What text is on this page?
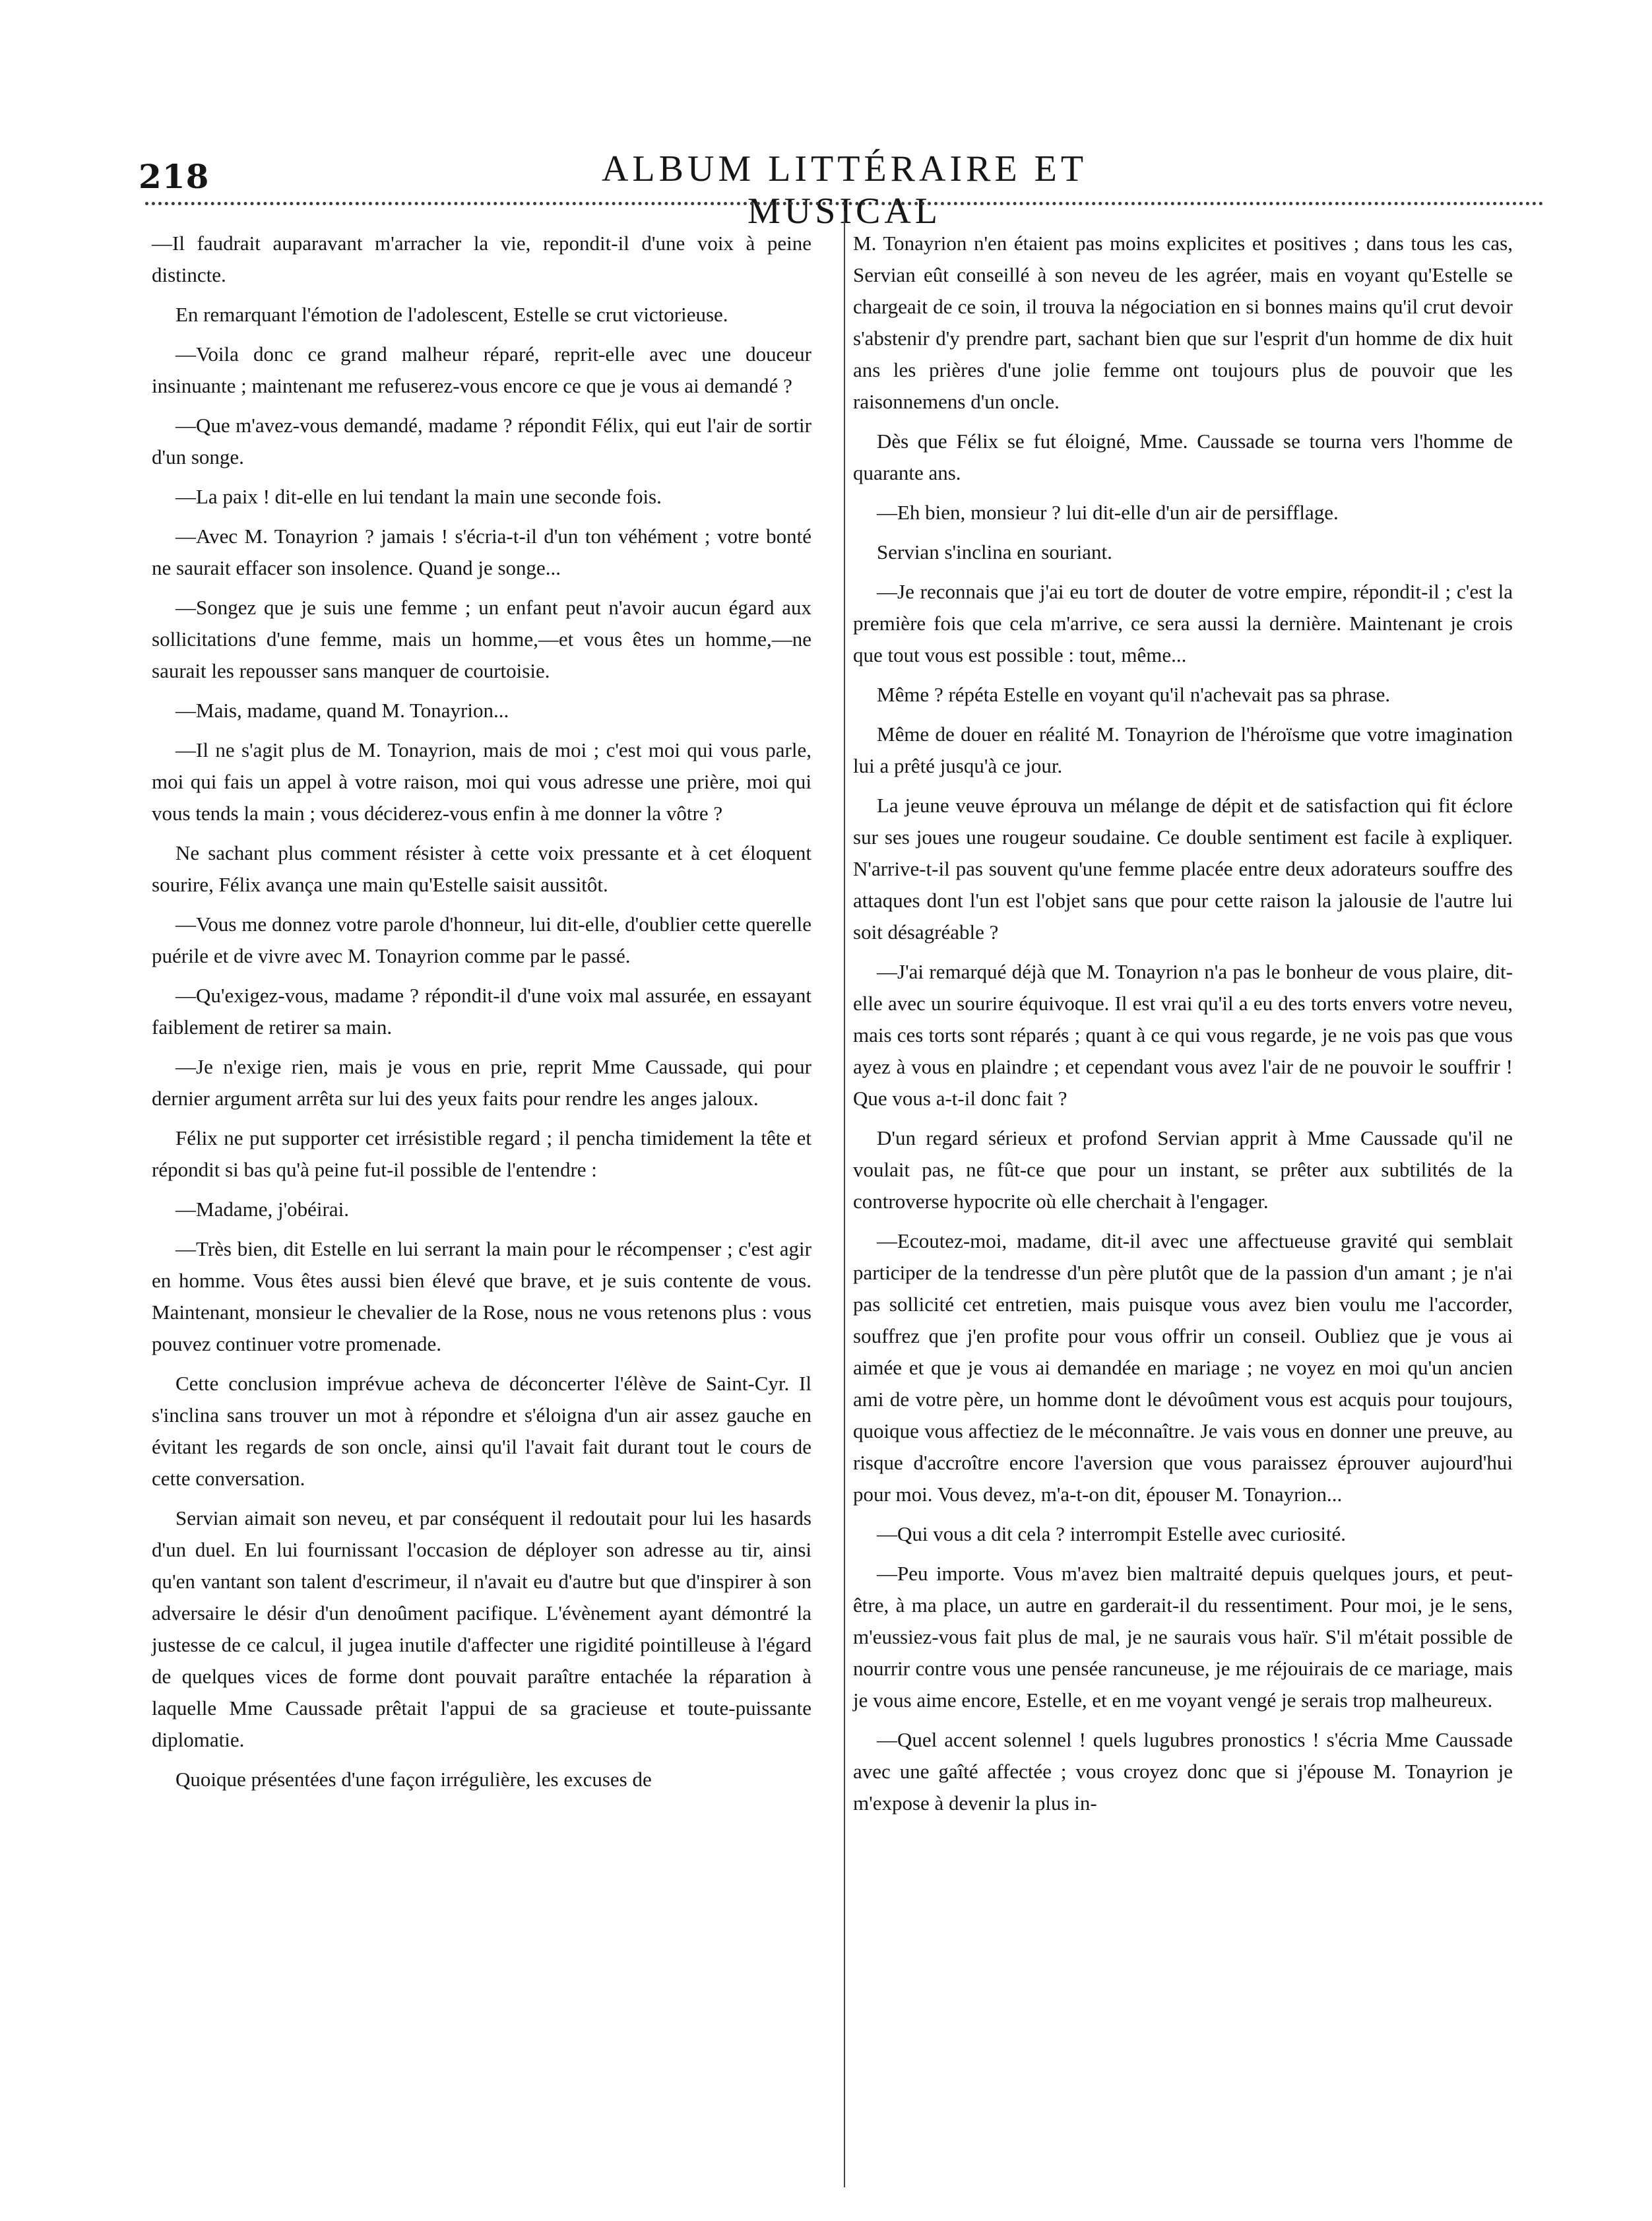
218	ALBUM LITTÉRAIRE ET MUSICAL

—Il faudrait auparavant m'arracher la vie, repondit-il d'une voix à peine distincte.

En remarquant l'émotion de l'adolescent, Estelle se crut victorieuse.

—Voila donc ce grand malheur réparé, reprit-elle avec une douceur insinuante ; maintenant me refuserez-vous encore ce que je vous ai demandé ?

—Que m'avez-vous demandé, madame ? répondit Félix, qui eut l'air de sortir d'un songe.

—La paix ! dit-elle en lui tendant la main une seconde fois.

—Avec M. Tonayrion ? jamais ! s'écria-t-il d'un ton véhément ; votre bonté ne saurait effacer son insolence. Quand je songe...

—Songez que je suis une femme ; un enfant peut n'avoir aucun égard aux sollicitations d'une femme, mais un homme,—et vous êtes un homme,—ne saurait les repousser sans manquer de courtoisie.

—Mais, madame, quand M. Tonayrion...

—Il ne s'agit plus de M. Tonayrion, mais de moi ; c'est moi qui vous parle, moi qui fais un appel à votre raison, moi qui vous adresse une prière, moi qui vous tends la main ; vous déciderez-vous enfin à me donner la vôtre ?

Ne sachant plus comment résister à cette voix pressante et à cet éloquent sourire, Félix avança une main qu'Estelle saisit aussitôt.

—Vous me donnez votre parole d'honneur, lui dit-elle, d'oublier cette querelle puérile et de vivre avec M. Tonayrion comme par le passé.

—Qu'exigez-vous, madame ? répondit-il d'une voix mal assurée, en essayant faiblement de retirer sa main.

—Je n'exige rien, mais je vous en prie, reprit Mme Caussade, qui pour dernier argument arrêta sur lui des yeux faits pour rendre les anges jaloux.

Félix ne put supporter cet irrésistible regard ; il pencha timidement la tête et répondit si bas qu'à peine fut-il possible de l'entendre :

—Madame, j'obéirai.

—Très bien, dit Estelle en lui serrant la main pour le récompenser ; c'est agir en homme. Vous êtes aussi bien élevé que brave, et je suis contente de vous. Maintenant, monsieur le chevalier de la Rose, nous ne vous retenons plus : vous pouvez continuer votre promenade.

Cette conclusion imprévue acheva de déconcerter l'élève de Saint-Cyr. Il s'inclina sans trouver un mot à répondre et s'éloigna d'un air assez gauche en évitant les regards de son oncle, ainsi qu'il l'avait fait durant tout le cours de cette conversation.

Servian aimait son neveu, et par conséquent il redoutait pour lui les hasards d'un duel. En lui fournissant l'occasion de déployer son adresse au tir, ainsi qu'en vantant son talent d'escrimeur, il n'avait eu d'autre but que d'inspirer à son adversaire le désir d'un denoûment pacifique. L'évènement ayant démontré la justesse de ce calcul, il jugea inutile d'affecter une rigidité pointilleuse à l'égard de quelques vices de forme dont pouvait paraître entachée la réparation à laquelle Mme Caussade prêtait l'appui de sa gracieuse et toute-puissante diplomatie.

Quoique présentées d'une façon irrégulière, les excuses de

M. Tonayrion n'en étaient pas moins explicites et positives ; dans tous les cas, Servian eût conseillé à son neveu de les agréer, mais en voyant qu'Estelle se chargeait de ce soin, il trouva la négociation en si bonnes mains qu'il crut devoir s'abstenir d'y prendre part, sachant bien que sur l'esprit d'un homme de dix huit ans les prières d'une jolie femme ont toujours plus de pouvoir que les raisonnemens d'un oncle.

Dès que Félix se fut éloigné, Mme. Caussade se tourna vers l'homme de quarante ans.

—Eh bien, monsieur ? lui dit-elle d'un air de persifflage.

Servian s'inclina en souriant.

—Je reconnais que j'ai eu tort de douter de votre empire, répondit-il ; c'est la première fois que cela m'arrive, ce sera aussi la dernière. Maintenant je crois que tout vous est possible : tout, même...

Même ? répéta Estelle en voyant qu'il n'achevait pas sa phrase.

Même de douer en réalité M. Tonayrion de l'héroïsme que votre imagination lui a prêté jusqu'à ce jour.

La jeune veuve éprouva un mélange de dépit et de satisfaction qui fit éclore sur ses joues une rougeur soudaine. Ce double sentiment est facile à expliquer. N'arrive-t-il pas souvent qu'une femme placée entre deux adorateurs souffre des attaques dont l'un est l'objet sans que pour cette raison la jalousie de l'autre lui soit désagréable ?

—J'ai remarqué déjà que M. Tonayrion n'a pas le bonheur de vous plaire, dit-elle avec un sourire équivoque. Il est vrai qu'il a eu des torts envers votre neveu, mais ces torts sont réparés ; quant à ce qui vous regarde, je ne vois pas que vous ayez à vous en plaindre ; et cependant vous avez l'air de ne pouvoir le souffrir ! Que vous a-t-il donc fait ?

D'un regard sérieux et profond Servian apprit à Mme Caussade qu'il ne voulait pas, ne fût-ce que pour un instant, se prêter aux subtilités de la controverse hypocrite où elle cherchait à l'engager.

—Ecoutez-moi, madame, dit-il avec une affectueuse gravité qui semblait participer de la tendresse d'un père plutôt que de la passion d'un amant ; je n'ai pas sollicité cet entretien, mais puisque vous avez bien voulu me l'accorder, souffrez que j'en profite pour vous offrir un conseil. Oubliez que je vous ai aimée et que je vous ai demandée en mariage ; ne voyez en moi qu'un ancien ami de votre père, un homme dont le dévoûment vous est acquis pour toujours, quoique vous affectiez de le méconnaître. Je vais vous en donner une preuve, au risque d'accroître encore l'aversion que vous paraissez éprouver aujourd'hui pour moi. Vous devez, m'a-t-on dit, épouser M. Tonayrion...

—Qui vous a dit cela ? interrompit Estelle avec curiosité.

—Peu importe. Vous m'avez bien maltraité depuis quelques jours, et peut-être, à ma place, un autre en garderait-il du ressentiment. Pour moi, je le sens, m'eussiez-vous fait plus de mal, je ne saurais vous haïr. S'il m'était possible de nourrir contre vous une pensée rancuneuse, je me réjouirais de ce mariage, mais je vous aime encore, Estelle, et en me voyant vengé je serais trop malheureux.

—Quel accent solennel ! quels lugubres pronostics ! s'écria Mme Caussade avec une gaîté affectée ; vous croyez donc que si j'épouse M. Tonayrion je m'expose à devenir la plus in-
